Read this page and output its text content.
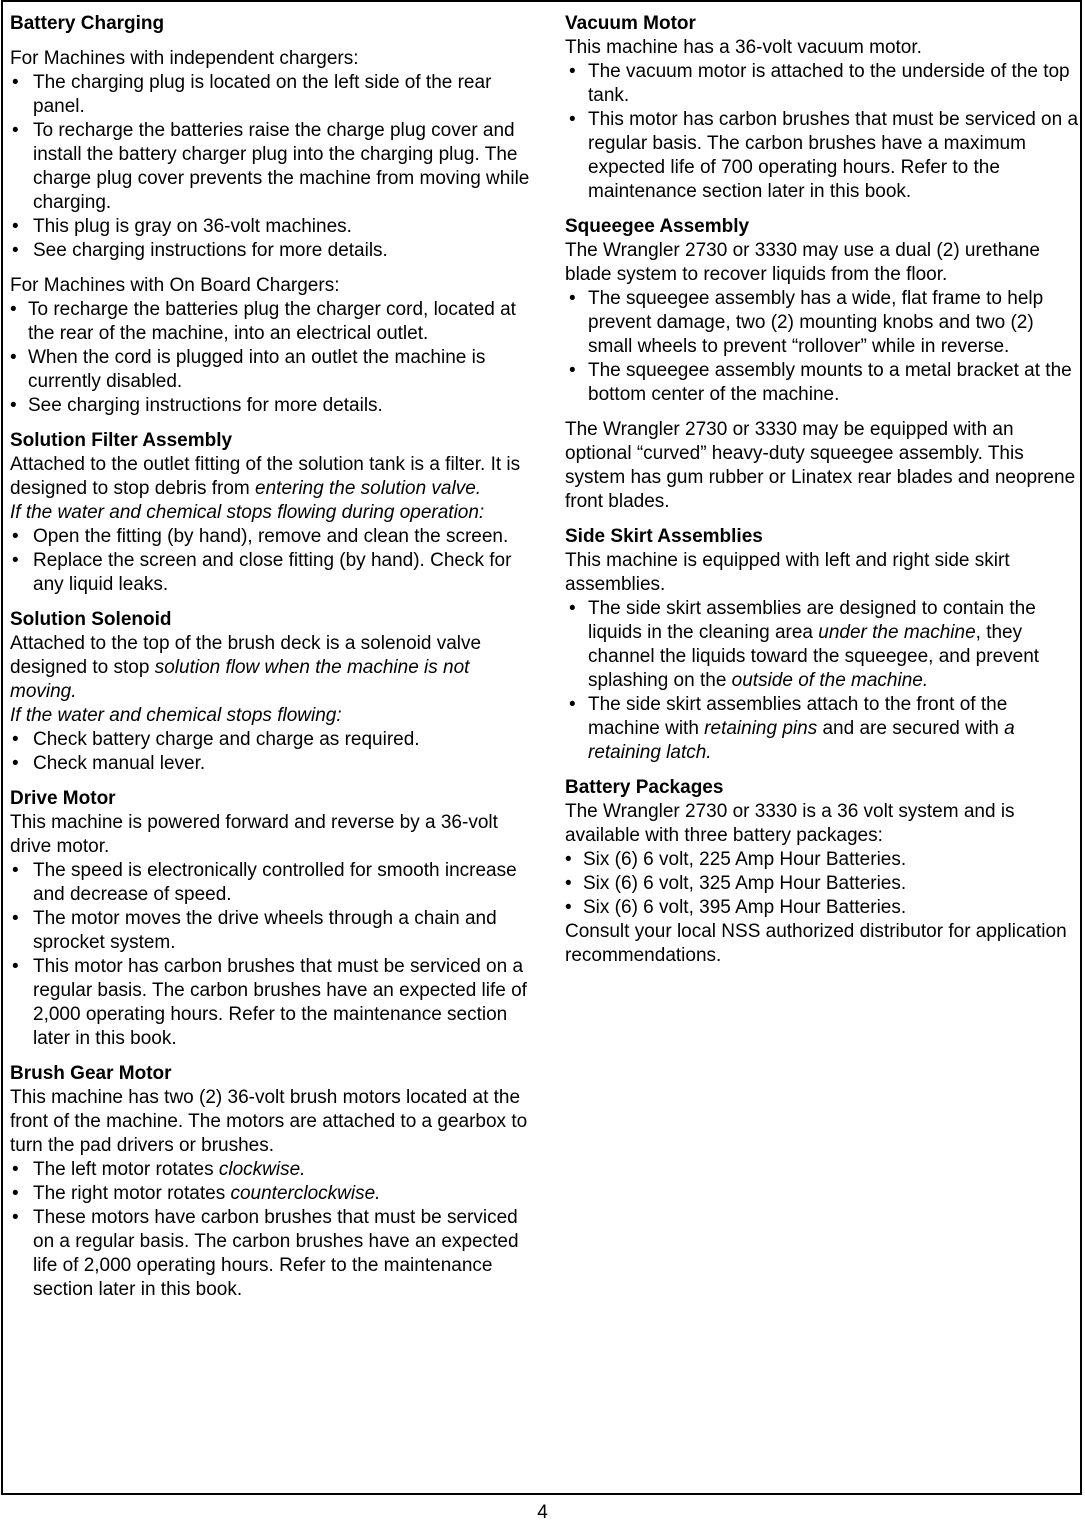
Battery Charging

For Machines with independent chargers:

• The charging plug is located on the left side of the rear panel.
• To recharge the batteries raise the charge plug cover and install the battery charger plug into the charging plug. The charge plug cover prevents the machine from moving while charging.
• This plug is gray on 36-volt machines.
• See charging instructions for more details.

For Machines with On Board Chargers:

• To recharge the batteries plug the charger cord, located at the rear of the machine, into an electrical outlet.
• When the cord is plugged into an outlet the machine is currently disabled.
• See charging instructions for more details.

Solution Filter Assembly

Attached to the outlet fitting of the solution tank is a filter. It is designed to stop debris from entering the solution valve.

If the water and chemical stops flowing during operation:

• Open the fitting (by hand), remove and clean the screen.
• Replace the screen and close fitting (by hand). Check for any liquid leaks.

Solution Solenoid

Attached to the top of the brush deck is a solenoid valve designed to stop solution flow when the machine is not moving.

If the water and chemical stops flowing:

• Check battery charge and charge as required.
• Check manual lever.

Drive Motor

This machine is powered forward and reverse by a 36-volt drive motor.

• The speed is electronically controlled for smooth increase and decrease of speed.
• The motor moves the drive wheels through a chain and sprocket system.
• This motor has carbon brushes that must be serviced on a regular basis. The carbon brushes have an expected life of 2,000 operating hours. Refer to the maintenance section later in this book.

Brush Gear Motor

This machine has two (2) 36-volt brush motors located at the front of the machine. The motors are attached to a gearbox to turn the pad drivers or brushes.

• The left motor rotates clockwise.
• The right motor rotates counterclockwise.
• These motors have carbon brushes that must be serviced on a regular basis. The carbon brushes have an expected life of 2,000 operating hours. Refer to the maintenance section later in this book.

Vacuum Motor

This machine has a 36-volt vacuum motor.

• The vacuum motor is attached to the underside of the top tank.
• This motor has carbon brushes that must be serviced on a regular basis. The carbon brushes have a maximum expected life of 700 operating hours. Refer to the maintenance section later in this book.

Squeegee Assembly

The Wrangler 2730 or 3330 may use a dual (2) urethane blade system to recover liquids from the floor.

• The squeegee assembly has a wide, flat frame to help prevent damage, two (2) mounting knobs and two (2) small wheels to prevent “rollover” while in reverse.
• The squeegee assembly mounts to a metal bracket at the bottom center of the machine.

The Wrangler 2730 or 3330 may be equipped with an optional “curved” heavy-duty squeegee assembly. This system has gum rubber or Linatex rear blades and neoprene front blades.

Side Skirt Assemblies

This machine is equipped with left and right side skirt assemblies.

• The side skirt assemblies are designed to contain the liquids in the cleaning area under the machine, they channel the liquids toward the squeegee, and prevent splashing on the outside of the machine.
• The side skirt assemblies attach to the front of the machine with retaining pins and are secured with a retaining latch.

Battery Packages

The Wrangler 2730 or 3330 is a 36 volt system and is available with three battery packages:

• Six (6) 6 volt, 225 Amp Hour Batteries.
• Six (6) 6 volt, 325 Amp Hour Batteries.
• Six (6) 6 volt, 395 Amp Hour Batteries.

Consult your local NSS authorized distributor for application recommendations.

4
